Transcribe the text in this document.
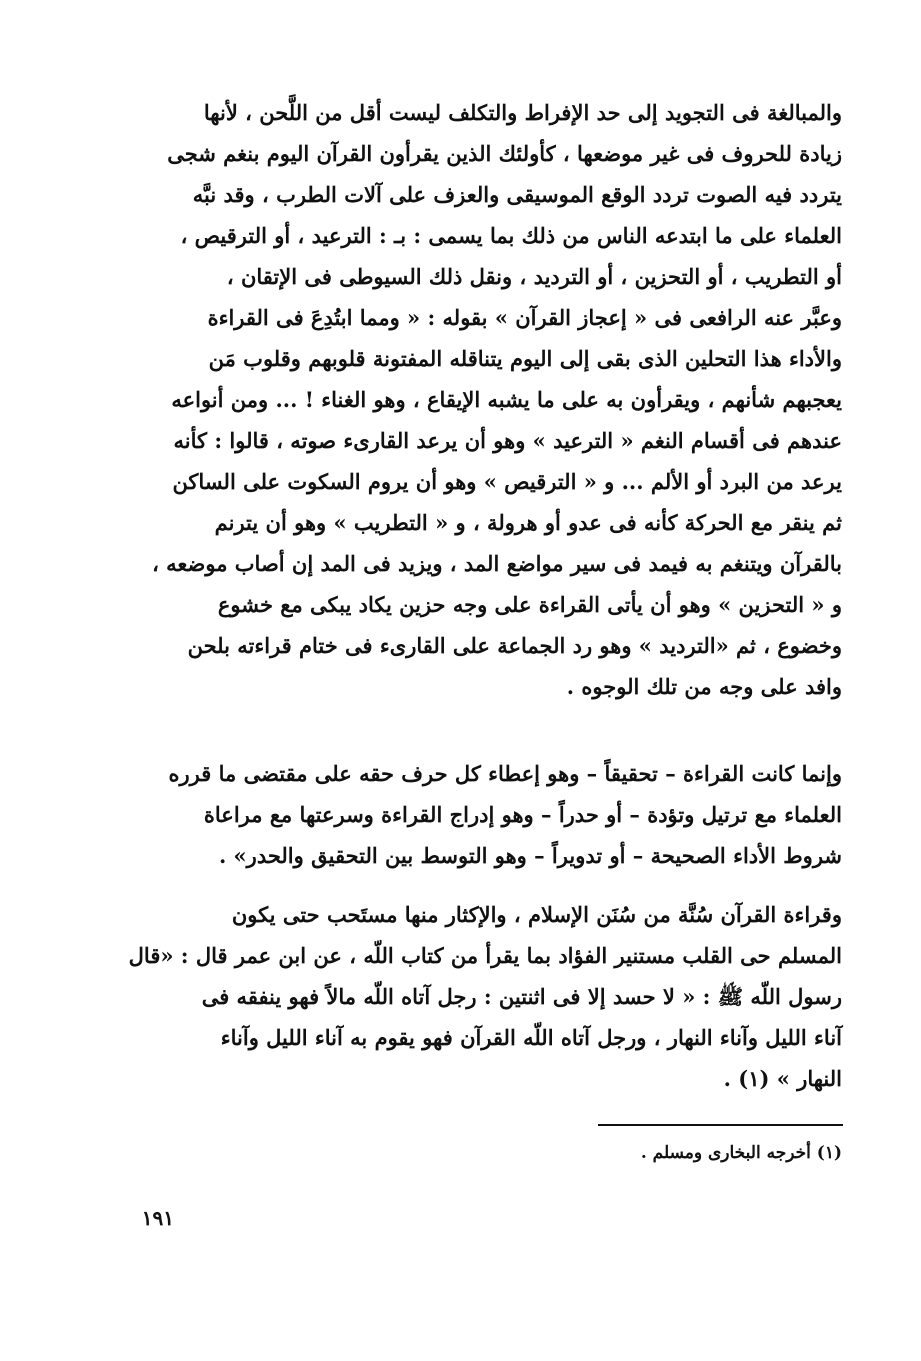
والمبالغة فى التجويد إلى حد الإفراط والتكلف ليست أقل من اللَّحن ، لأنها
زيادة للحروف فى غير موضعها ، كأولئك الذين يقرأون القرآن اليوم بنغم شجى
يتردد فيه الصوت تردد الوقع الموسيقى والعزف على آلات الطرب ، وقد نبَّه
العلماء على ما ابتدعه الناس من ذلك بما يسمى : بـ : الترعيد ، أو الترقيص ،
أو التطريب ، أو التحزين ، أو الترديد ، ونقل ذلك السيوطى فى الإتقان ،
وعبَّر عنه الرافعى فى « إعجاز القرآن » بقوله : « ومما ابتُدِعَ فى القراءة
والأداء هذا التحلين الذى بقى إلى اليوم يتناقله المفتونة قلوبهم وقلوب مَن
يعجبهم شأنهم ، ويقرأون به على ما يشبه الإيقاع ، وهو الغناء ! ... ومن أنواعه
عندهم فى أقسام النغم « الترعيد » وهو أن يرعد القارىء صوته ، قالوا : كأنه
يرعد من البرد أو الألم ... و « الترقيص » وهو أن يروم السكوت على الساكن
ثم ينقر مع الحركة كأنه فى عدو أو هرولة ، و « التطريب » وهو أن يترنم
بالقرآن ويتنغم به فيمد فى سير مواضع المد ، ويزيد فى المد إن أصاب موضعه ،
و « التحزين » وهو أن يأتى القراءة على وجه حزين يكاد يبكى مع خشوع
وخضوع ، ثم «الترديد » وهو رد الجماعة على القارىء فى ختام قراءته بلحن
وافد على وجه من تلك الوجوه .

وإنما كانت القراءة – تحقيقاً – وهو إعطاء كل حرف حقه على مقتضى ما قرره
العلماء مع ترتيل وتؤدة – أو حدراً – وهو إدراج القراءة وسرعتها مع مراعاة
شروط الأداء الصحيحة – أو تدويراً – وهو التوسط بين التحقيق والحدر» .

وقراءة القرآن سُنَّة من سُنَن الإسلام ، والإكثار منها مستَحب حتى يكون
المسلم حى القلب مستنير الفؤاد بما يقرأ من كتاب اللّه ، عن ابن عمر قال : «قال
رسول اللّه ﷺ : « لا حسد إلا فى اثنتين : رجل آتاه اللّه مالاً فهو ينفقه فى
آناء الليل وآناء النهار ، ورجل آتاه اللّه القرآن فهو يقوم به آناء الليل وآناء
النهار » (١) .

(١) أخرجه البخارى ومسلم .

١٩١
